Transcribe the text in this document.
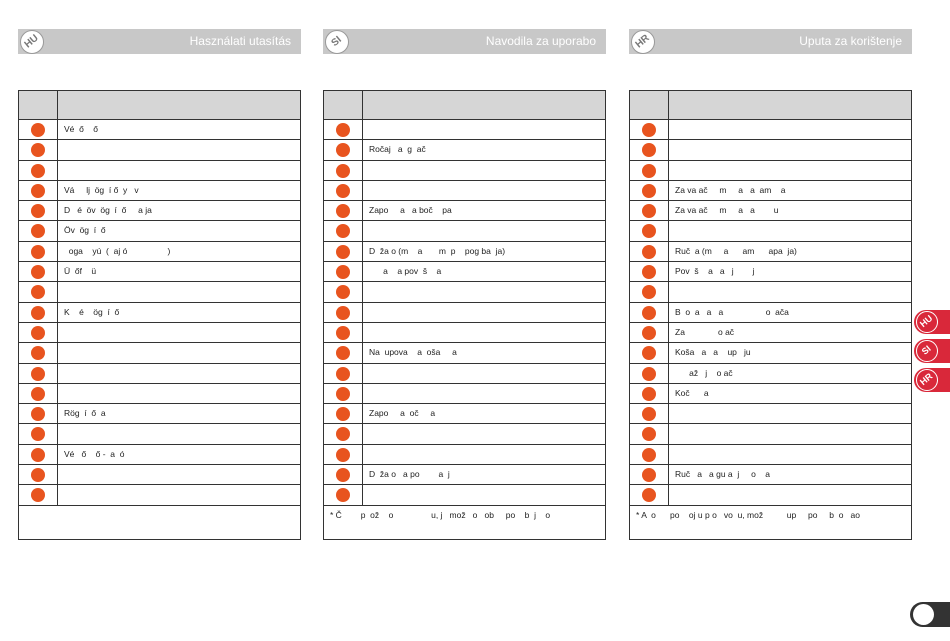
HU	Használati utasítás
Vé  ő    ő
Vá     lj  ög  í ő  y   v
D   é  öv  ög  í  ő     a ja
Öv  ög  í  ő
oga    yú  (  aj ó                 )
Ü  őf    ü
K    é    ög  í  ő
Rög  í  ő  a
Vé   ő    ő -  a  ó
SI	Navodila za uporabo
Ročaj   a  g  ač
Zapo     a   a boč    pa
D  ža o (m    a       m  p    pog ba  ja)
a    a pov  š    a
Na  upova    a  oša     a
Zapo     a  oč     a
D  ža o   a po        a  j
* Č        p  ož    o                u, j   mož   o   ob     po    b  j    o
HR	Uputa za korištenje
Za va ač     m     a   a  am    a
Za va ač     m     a   a        u
Ruč  a (m     a      am      apa  ja)
Pov  š    a   a   j        j
B  o  a   a   a                  o  ača
Za              o ač
Koša   a   a    up   ju
až   j    o ač
Koč      a
Ruč   a   a gu a  j     o    a
* A  o      po    oj u p o   vo  u, mož          up     po     b  o   ao
HU
SI
HR
